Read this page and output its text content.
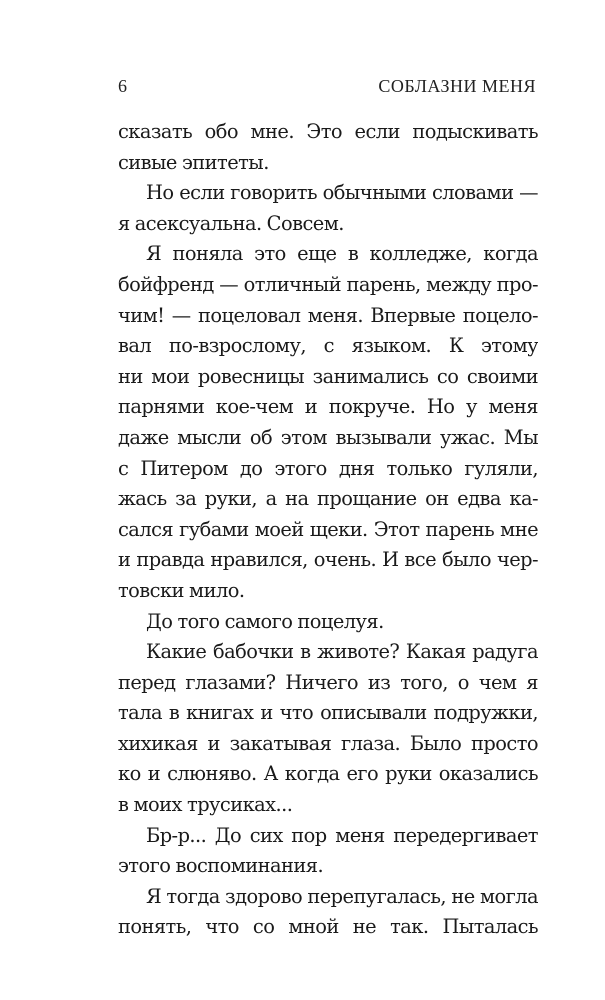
6	СОБЛАЗНИ МЕНЯ
сказать обо мне. Это если подыскивать
сивые эпитеты.
Но если говорить обычными словами —
я асексуальна. Совсем.
Я поняла это еще в колледже, когда
бойфренд — отличный парень, между про-
чим! — поцеловал меня. Впервые поцело-
вал по-взрослому, с языком. К этому
ни мои ровесницы занимались со своими
парнями кое-чем и покруче. Но у меня
даже мысли об этом вызывали ужас. Мы
с Питером до этого дня только гуляли,
жась за руки, а на прощание он едва ка-
сался губами моей щеки. Этот парень мне
и правда нравился, очень. И все было чер-
товски мило.
До того самого поцелуя.
Какие бабочки в животе? Какая радуга
перед глазами? Ничего из того, о чем я
тала в книгах и что описывали подружки,
хихикая и закатывая глаза. Было просто
ко и слюняво. А когда его руки оказались
в моих трусиках...
Бр-р... До сих пор меня передергивает
этого воспоминания.
Я тогда здорово перепугалась, не могла
понять, что со мной не так. Пыталась
